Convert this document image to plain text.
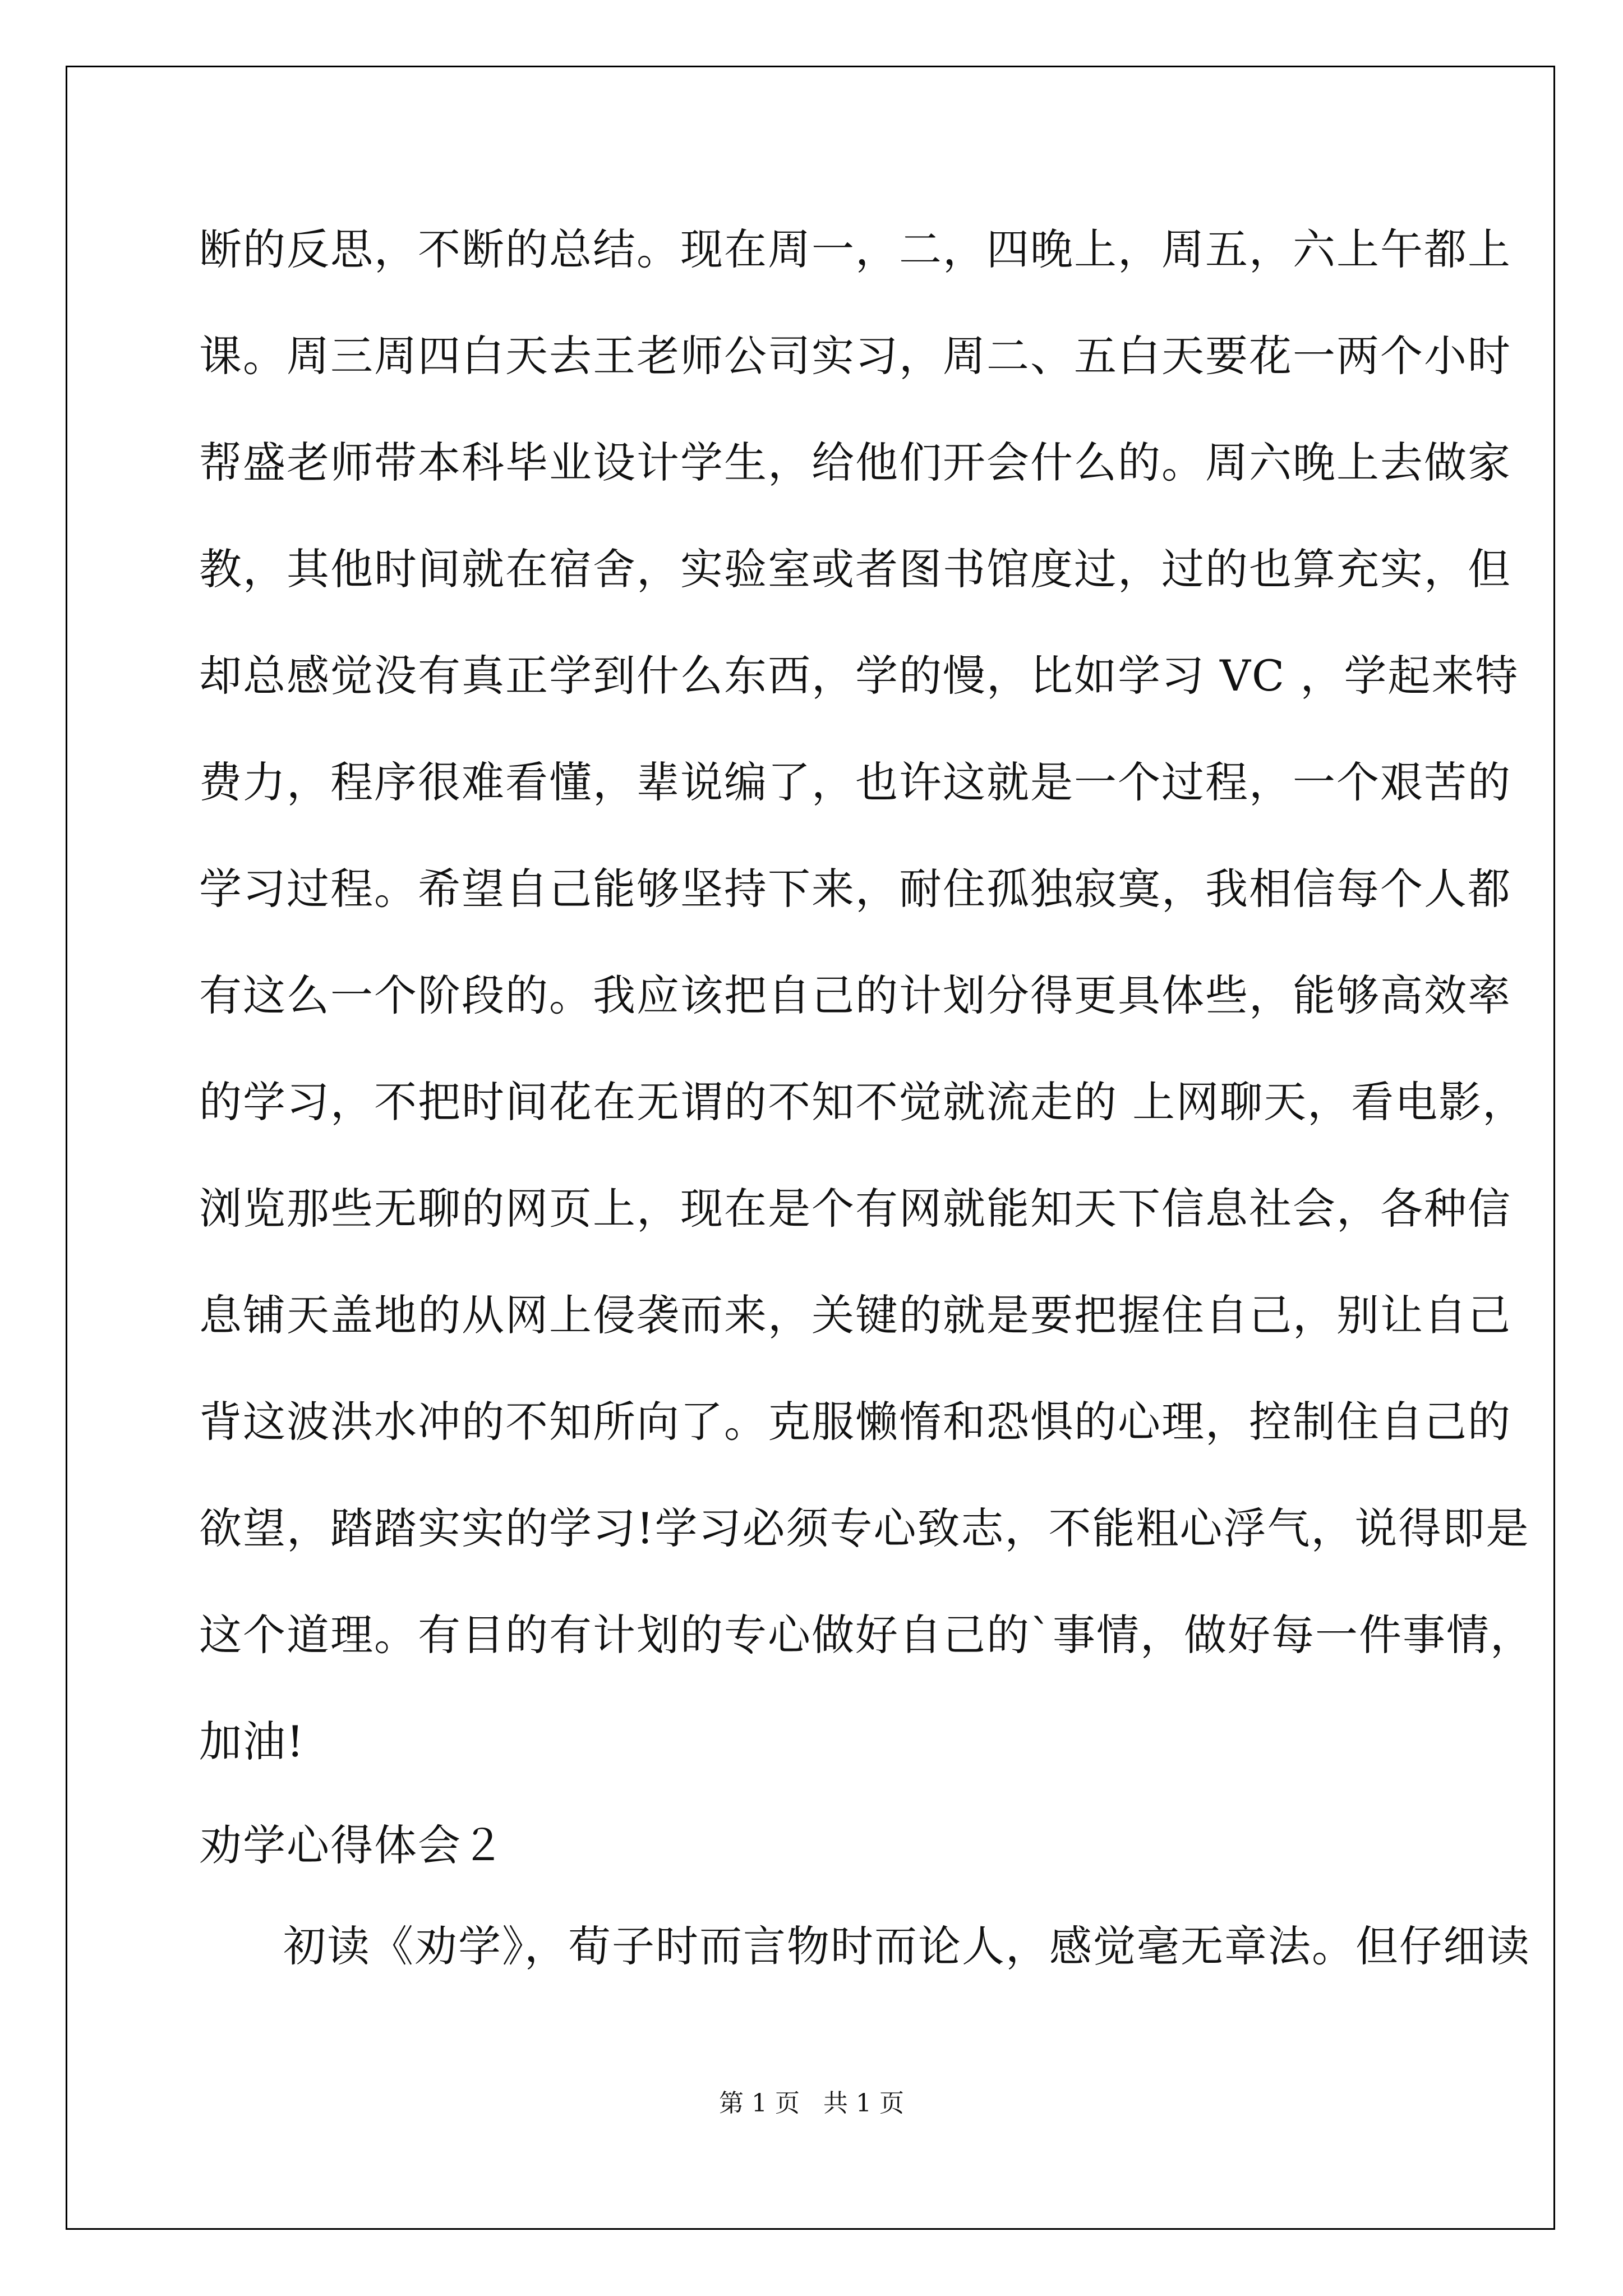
断的反思，不断的总结。现在周一，二，四晚上，周五，六上午都上
课。周三周四白天去王老师公司实习，周二、五白天要花一两个小时
帮盛老师带本科毕业设计学生，给他们开会什么的。周六晚上去做家
教，其他时间就在宿舍，实验室或者图书馆度过，过的也算充实，但
却总感觉没有真正学到什么东西，学的慢，比如学习 VC ，学起来特
费力，程序很难看懂，辈说编了，也许这就是一个过程，一个艰苦的
学习过程。希望自己能够坚持下来，耐住孤独寂寞，我相信每个人都
有这么一个阶段的。我应该把自己的计划分得更具体些，能够高效率
的学习，不把时间花在无谓的不知不觉就流走的 上网聊天，看电影，
浏览那些无聊的网页上，现在是个有网就能知天下信息社会，各种信
息铺天盖地的从网上侵袭而来，关键的就是要把握住自己，别让自己
背这波洪水冲的不知所向了。克服懒惰和恐惧的心理，控制住自己的
欲望，踏踏实实的学习!学习必须专心致志，不能粗心浮气，说得即是
这个道理。有目的有计划的专心做好自己的`事情，做好每一件事情，
加油!
劝学心得体会２
初读《劝学》，荀子时而言物时而论人，感觉毫无章法。但仔细读
第 1 页   共 1 页
